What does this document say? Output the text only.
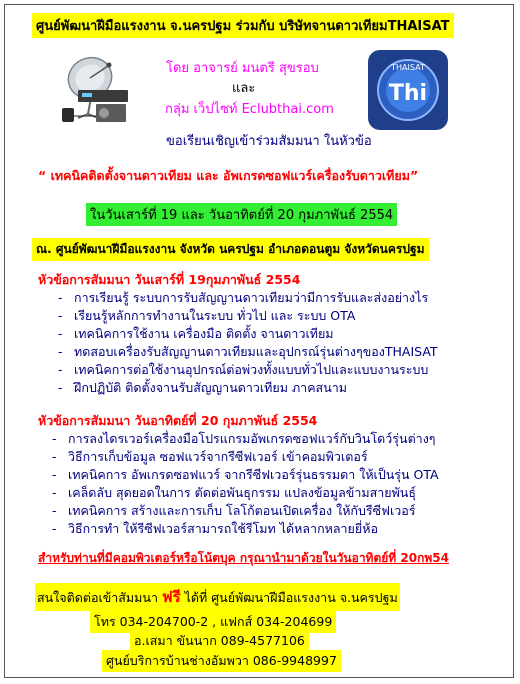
ศูนย์พัฒนาฝีมือแรงงาน จ.นครปฐม ร่วมกับ บริษัทจานดาวเทียมTHAISAT
THAISAT
Thi
โดย อาจารย์ มนตรี สุขรอบ
และ
กลุ่ม เว็ปไซท์ Eclubthai.com
ขอเรียนเชิญเข้าร่วมสัมมนา ในหัวข้อ
“ เทคนิคติดตั้งจานดาวเทียม และ อัพเกรดซอฟแวร์เครื่องรับดาวเทียม”
ในวันเสาร์ที่ 19 และ วันอาทิตย์ที่ 20 กุมภาพันธ์ 2554
ณ. ศูนย์พัฒนาฝีมือแรงงาน จังหวัด นครปฐม อำเภอดอนตูม จังหวัดนครปฐม
หัวข้อการสัมมนา วันเสาร์ที่ 19กุมภาพันธ์ 2554
- การเรียนรู้ ระบบการรับสัญญานดาวเทียมว่ามีการรับและส่งอย่างไร
- เรียนรู้หลักการทำงานในระบบ ทั่วไป และ ระบบ OTA
- เทคนิคการใช้งาน เครื่องมือ ติดตั้ง จานดาวเทียม
- ทดสอบเครื่องรับสัญญานดาวเทียมและอุปกรณ์รุ่นต่างๆของTHAISAT
- เทคนิคการต่อใช้งานอุปกรณ์ต่อพ่วงทั้งแบบทั่วไปและแบบงานระบบ
- ฝึกปฏิบัติ ติดตั้งจานรับสัญญานดาวเทียม ภาคสนาม
หัวข้อการสัมมนา วันอาทิตย์ที่ 20 กุมภาพันธ์ 2554
- การลงไดรเวอร์เครื่องมือโปรแกรมอัพเกรดซอฟแวร์กับวินโดว์รุ่นต่างๆ
- วิธีการเก็บข้อมูล ซอฟแวร์จากรีซีฟเวอร์ เข้าคอมพิวเตอร์
- เทคนิคการ อัพเกรดซอฟแวร์ จากรีซีฟเวอร์รุ่นธรรมดา ให้เป็นรุ่น OTA
- เคล็ดลับ สุดยอดในการ ตัดต่อพันธุกรรม แปลงข้อมูลข้ามสายพันธุ์
- เทคนิคการ สร้างและการเก็บ โลโก้ตอนเปิดเครื่อง ให้กับรีซีฟเวอร์
- วิธีการทำ ให้รีซีฟเวอร์สามารถใช้รีโมท ได้หลากหลายยี่ห้อ
สำหรับท่านที่มีคอมพิวเตอร์หรือโน้ตบุค กรุณานำมาด้วยในวันอาทิตย์ที่ 20กพ54
สนใจติดต่อเข้าสัมมนา ฟรี ได้ที่ ศูนย์พัฒนาฝีมือแรงงาน จ.นครปฐม
โทร 034-204700-2 , แฟกส์ 034-204699
อ.เสมา ขันนาก 089-4577106
ศูนย์บริการบ้านช่างอัมพวา 086-9948997
